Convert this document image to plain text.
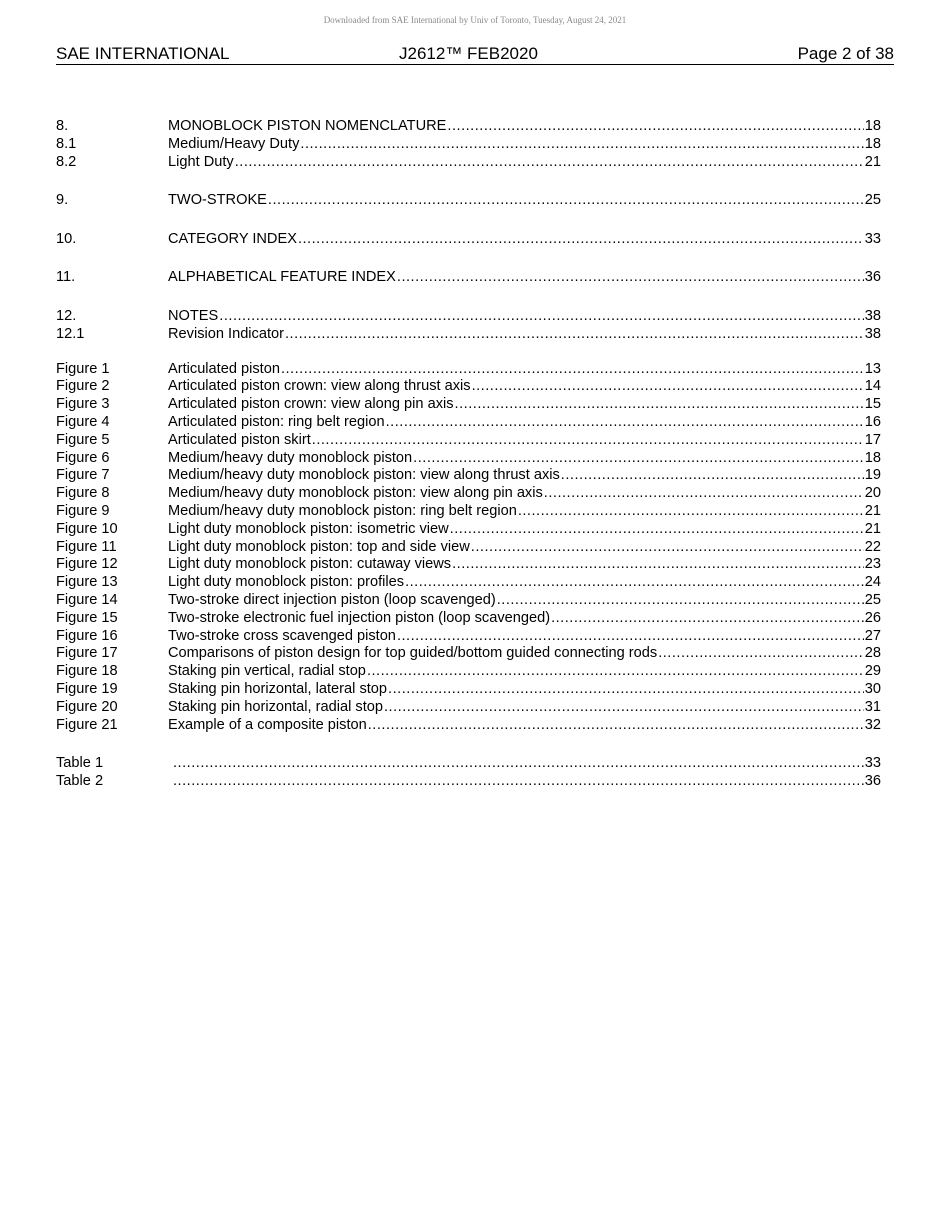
Downloaded from SAE International by Univ of Toronto, Tuesday, August 24, 2021
SAE INTERNATIONAL	J2612™ FEB2020	Page 2 of 38
8.	MONOBLOCK PISTON NOMENCLATURE .....	18
8.1	Medium/Heavy Duty .....	18
8.2	Light Duty .....	21
9.	TWO-STROKE .....	25
10.	CATEGORY INDEX .....	33
11.	ALPHABETICAL FEATURE INDEX .....	36
12.	NOTES .....	38
12.1	Revision Indicator .....	38
Figure 1	Articulated piston .....	13
Figure 2	Articulated piston crown: view along thrust axis .....	14
Figure 3	Articulated piston crown: view along pin axis .....	15
Figure 4	Articulated piston: ring belt region .....	16
Figure 5	Articulated piston skirt .....	17
Figure 6	Medium/heavy duty monoblock piston .....	18
Figure 7	Medium/heavy duty monoblock piston: view along thrust axis .....	19
Figure 8	Medium/heavy duty monoblock piston: view along pin axis .....	20
Figure 9	Medium/heavy duty monoblock piston: ring belt region .....	21
Figure 10	Light duty monoblock piston: isometric view .....	21
Figure 11	Light duty monoblock piston: top and side view .....	22
Figure 12	Light duty monoblock piston: cutaway views .....	23
Figure 13	Light duty monoblock piston: profiles .....	24
Figure 14	Two-stroke direct injection piston (loop scavenged) .....	25
Figure 15	Two-stroke electronic fuel injection piston (loop scavenged) .....	26
Figure 16	Two-stroke cross scavenged piston .....	27
Figure 17	Comparisons of piston design for top guided/bottom guided connecting rods .....	28
Figure 18	Staking pin vertical, radial stop .....	29
Figure 19	Staking pin horizontal, lateral stop .....	30
Figure 20	Staking pin horizontal, radial stop .....	31
Figure 21	Example of a composite piston .....	32
Table 1 .....	33
Table 2 .....	36
